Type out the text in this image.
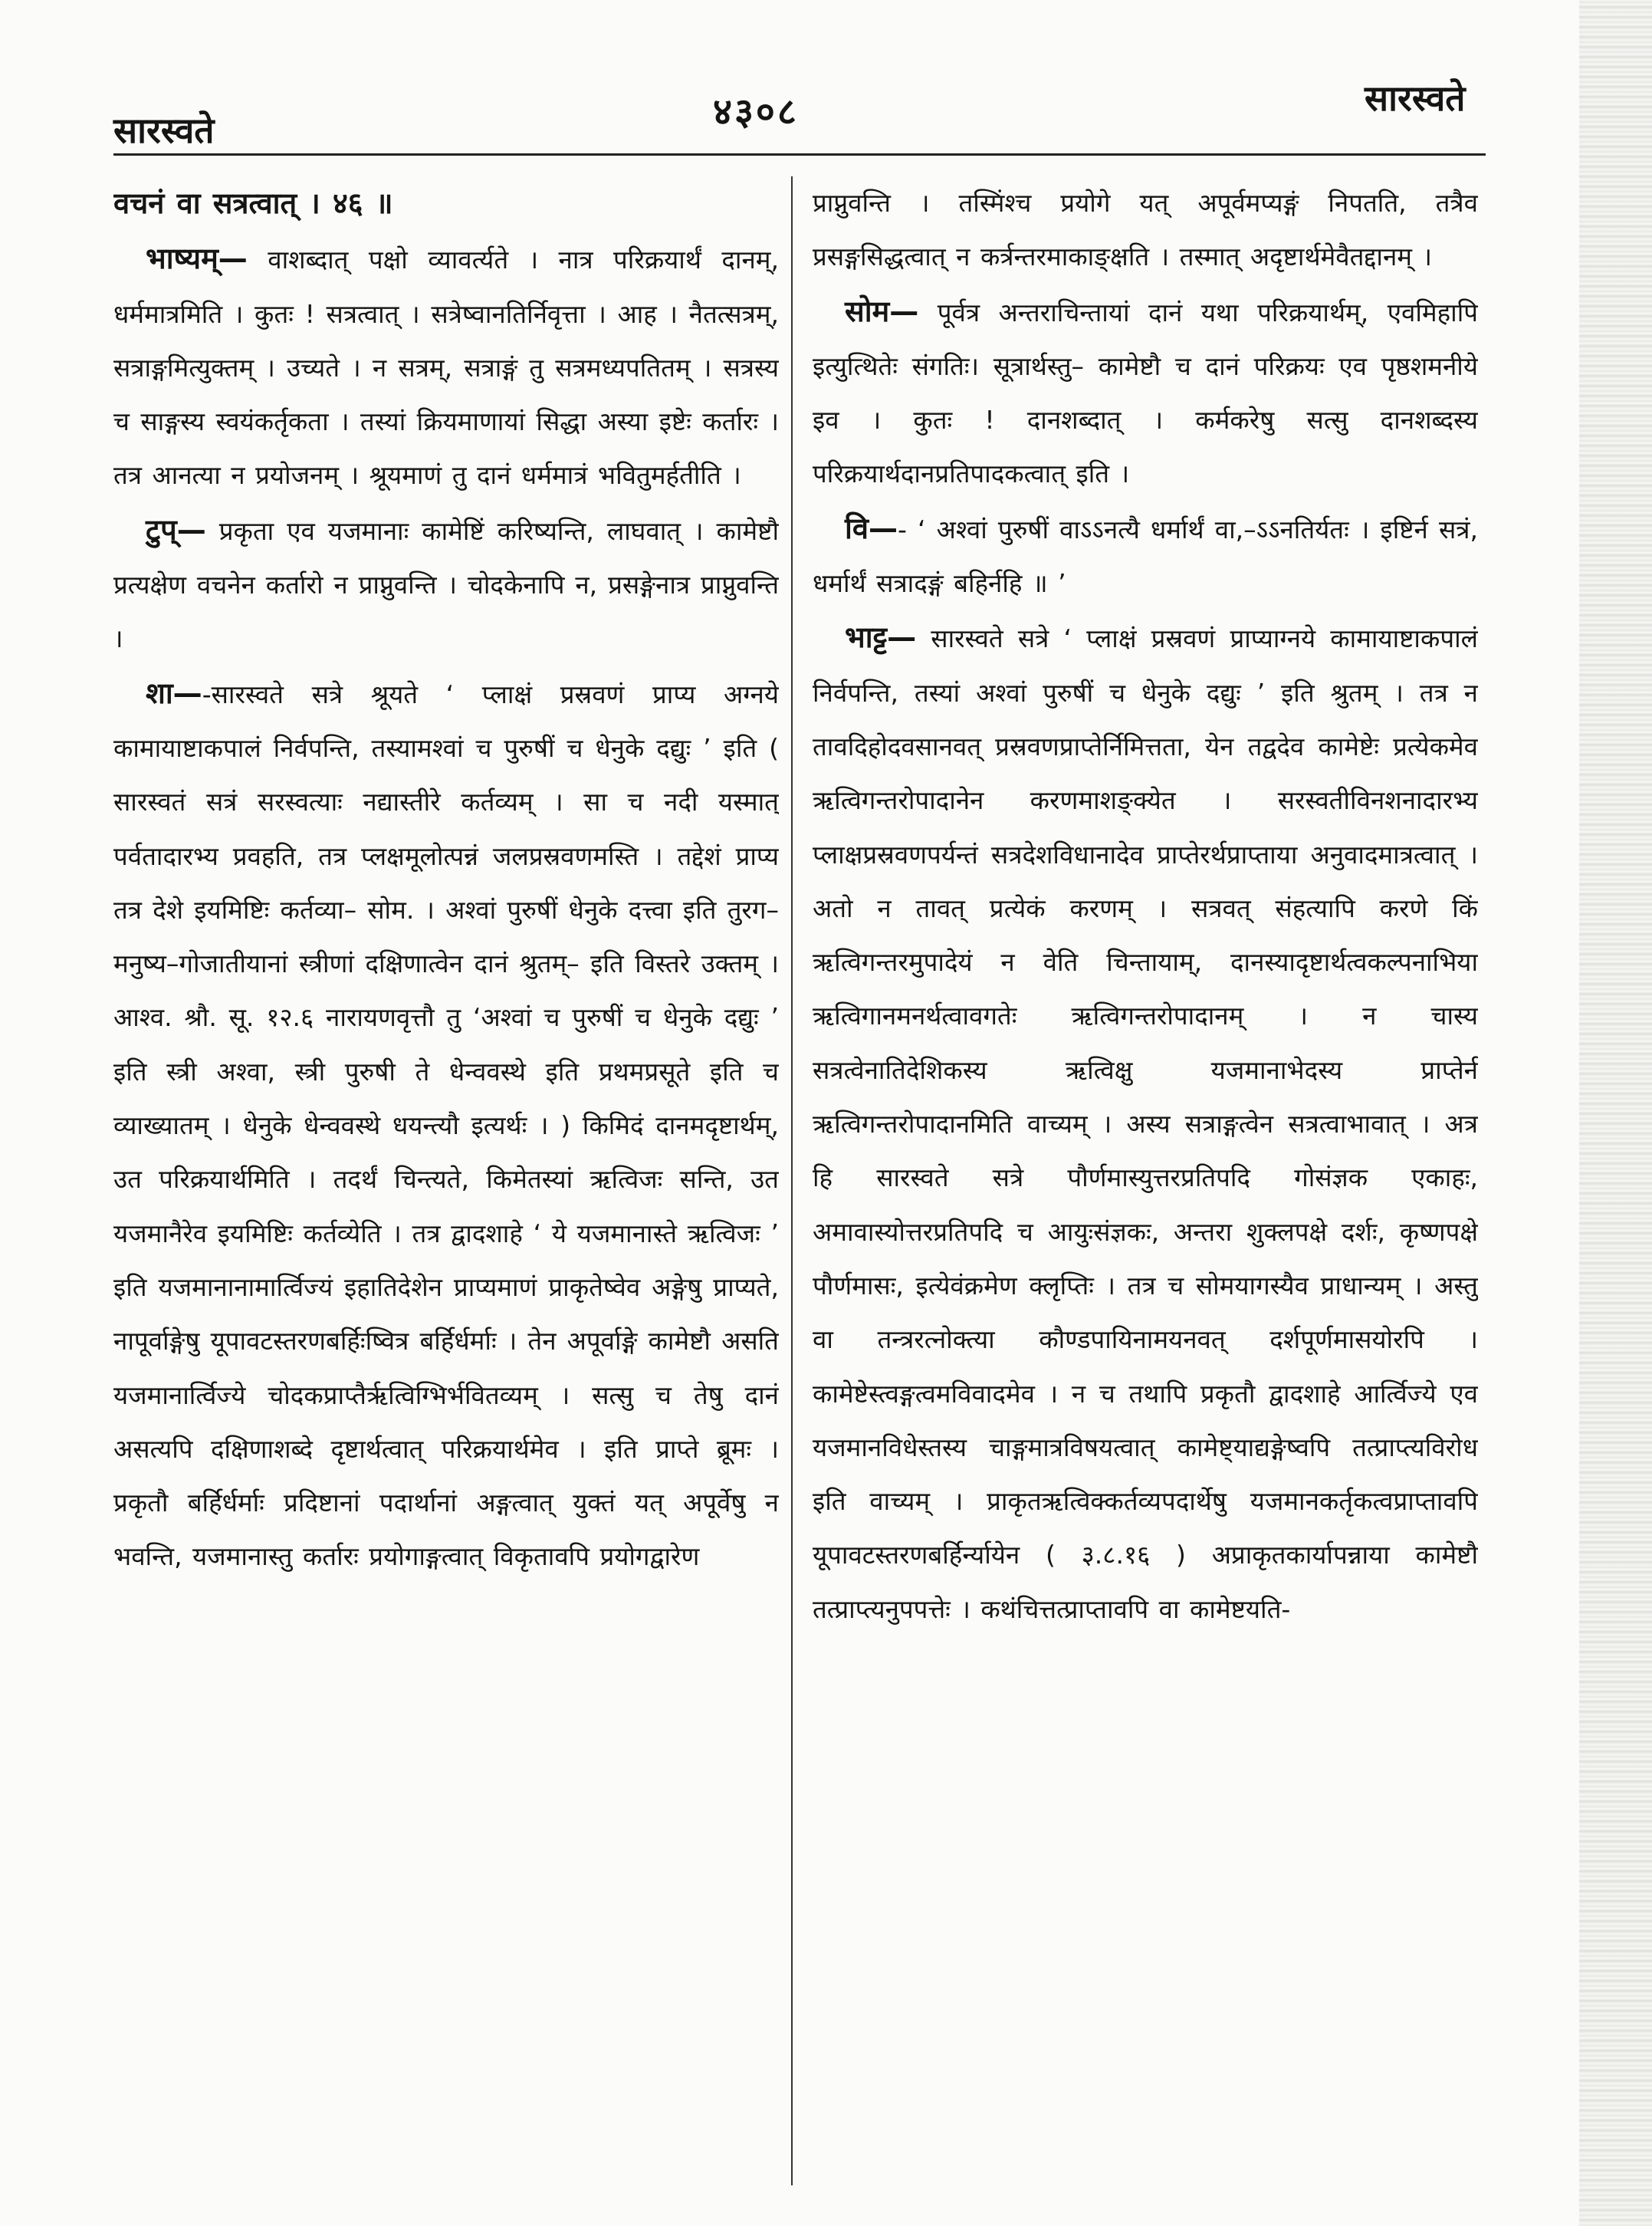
सारस्वते	४३०८	सारस्वते

वचनं वा सत्रत्वात् । ४६ ॥

भाष्यम्— वाशब्दात् पक्षो व्यावर्त्यते । नात्र परिक्रयार्थं दानम्, धर्ममात्रमिति । कुतः ! सत्रत्वात् । सत्रेष्वानतिर्निवृत्ता । आह । नैतत्सत्रम्, सत्राङ्गमित्युक्तम् । उच्यते । न सत्रम्, सत्राङ्गं तु सत्रमध्यपतितम् । सत्रस्य च साङ्गस्य स्वयंकर्तृकता । तस्यां क्रियमाणायां सिद्धा अस्या इष्टेः कर्तारः । तत्र आनत्या न प्रयोजनम् । श्रूयमाणं तु दानं धर्ममात्रं भवितुमर्हतीति ।

टुप्— प्रकृता एव यजमानाः कामेष्टिं करिष्यन्ति, लाघवात् । कामेष्टौ प्रत्यक्षेण वचनेन कर्तारो न प्राप्नुवन्ति । चोदकेनापि न, प्रसङ्गेनात्र प्राप्नुवन्ति ।

शा—-सारस्वते सत्रे श्रूयते ‘ प्लाक्षं प्रस्रवणं प्राप्य अग्नये कामायाष्टाकपालं निर्वपन्ति, तस्यामश्वां च पुरुषीं च धेनुके दद्युः ’ इति ( सारस्वतं सत्रं सरस्वत्याः नद्यास्तीरे कर्तव्यम् । सा च नदी यस्मात् पर्वतादारभ्य प्रवहति, तत्र प्लक्षमूलोत्पन्नं जलप्रस्रवणमस्ति । तद्देशं प्राप्य तत्र देशे इयमिष्टिः कर्तव्या– सोम. । अश्वां पुरुषीं धेनुके दत्त्वा इति तुरग–मनुष्य–गोजातीयानां स्त्रीणां दक्षिणात्वेन दानं श्रुतम्– इति विस्तरे उक्तम् । आश्व. श्रौ. सू. १२.६ नारायणवृत्तौ तु ‘अश्वां च पुरुषीं च धेनुके दद्युः ’ इति स्त्री अश्वा, स्त्री पुरुषी ते धेन्ववस्थे इति प्रथमप्रसूते इति च व्याख्यातम् । धेनुके धेन्ववस्थे धयन्त्यौ इत्यर्थः । ) किमिदं दानमदृष्टार्थम्, उत परिक्रयार्थमिति । तदर्थं चिन्त्यते, किमेतस्यां ऋत्विजः सन्ति, उत यजमानैरेव इयमिष्टिः कर्तव्येति । तत्र द्वादशाहे ‘ ये यजमानास्ते ऋत्विजः ’ इति यजमानानामार्त्विज्यं इहातिदेशेन प्राप्यमाणं प्राकृतेष्वेव अङ्गेषु प्राप्यते, नापूर्वाङ्गेषु यूपावटस्तरणबर्हिःष्वित्र बर्हिर्धर्माः । तेन अपूर्वाङ्गे कामेष्टौ असति यजमानार्त्विज्ये चोदकप्राप्तैर्ऋत्विग्भिर्भवितव्यम् । सत्सु च तेषु दानं असत्यपि दक्षिणाशब्दे दृष्टार्थत्वात् परिक्रयार्थमेव । इति प्राप्ते ब्रूमः । प्रकृतौ बर्हिर्धर्माः प्रदिष्टानां पदार्थानां अङ्गत्वात् युक्तं यत् अपूर्वेषु न भवन्ति, यजमानास्तु कर्तारः प्रयोगाङ्गत्वात् विकृतावपि प्रयोगद्वारेण

प्राप्नुवन्ति । तस्मिंश्च प्रयोगे यत् अपूर्वमप्यङ्गं निपतति, तत्रैव प्रसङ्गसिद्धत्वात् न कर्त्रन्तरमाकाङ्क्षति । तस्मात् अदृष्टार्थमेवैतद्दानम् ।

सोम— पूर्वत्र अन्तराचिन्तायां दानं यथा परिक्रयार्थम्, एवमिहापि इत्युत्थितेः संगतिः। सूत्रार्थस्तु– कामेष्टौ च दानं परिक्रयः एव पृष्ठशमनीये इव । कुतः ! दानशब्दात् । कर्मकरेषु सत्सु दानशब्दस्य परिक्रयार्थदानप्रतिपादकत्वात् इति ।

वि—- ‘ अश्वां पुरुषीं वाऽऽनत्यै धर्मार्थं वा,–ऽऽनतिर्यतः । इष्टिर्न सत्रं, धर्मार्थं सत्रादङ्गं बहिर्नहि ॥ ’

भाट्ट— सारस्वते सत्रे ‘ प्लाक्षं प्रस्रवणं प्राप्याग्नये कामायाष्टाकपालं निर्वपन्ति, तस्यां अश्वां पुरुषीं च धेनुके दद्युः ’ इति श्रुतम् । तत्र न तावदिहोदवसानवत् प्रस्रवणप्राप्तेर्निमित्तता, येन तद्वदेव कामेष्टेः प्रत्येकमेव ऋत्विगन्तरोपादानेन करणमाशङ्क्येत । सरस्वतीविनशनादारभ्य प्लाक्षप्रस्रवणपर्यन्तं सत्रदेशविधानादेव प्राप्तेरर्थप्राप्ताया अनुवादमात्रत्वात् । अतो न तावत् प्रत्येकं करणम् । सत्रवत् संहत्यापि करणे किं ऋत्विगन्तरमुपादेयं न वेति चिन्तायाम्, दानस्यादृष्टार्थत्वकल्पनाभिया ऋत्विगानमनर्थत्वावगतेः ऋत्विगन्तरोपादानम् । न चास्य सत्रत्वेनातिदेशिकस्य ऋत्विक्षु यजमानाभेदस्य प्राप्तेर्न ऋत्विगन्तरोपादानमिति वाच्यम् । अस्य सत्राङ्गत्वेन सत्रत्वाभावात् । अत्र हि सारस्वते सत्रे पौर्णमास्युत्तरप्रतिपदि गोसंज्ञक एकाहः, अमावास्योत्तरप्रतिपदि च आयुःसंज्ञकः, अन्तरा शुक्लपक्षे दर्शः, कृष्णपक्षे पौर्णमासः, इत्येवंक्रमेण क्लृप्तिः । तत्र च सोमयागस्यैव प्राधान्यम् । अस्तु वा तन्त्ररत्नोक्त्या कौण्डपायिनामयनवत् दर्शपूर्णमासयोरपि । कामेष्टेस्त्वङ्गत्वमविवादमेव । न च तथापि प्रकृतौ द्वादशाहे आर्त्विज्ये एव यजमानविधेस्तस्य चाङ्गमात्रविषयत्वात् कामेष्ट्याद्यङ्गेष्वपि तत्प्राप्त्यविरोध इति वाच्यम् । प्राकृतऋत्विक्कर्तव्यपदार्थेषु यजमानकर्तृकत्वप्राप्तावपि यूपावटस्तरणबर्हिर्न्यायेन ( ३.८.१६ ) अप्राकृतकार्यापन्नाया कामेष्टौ तत्प्राप्त्यनुपपत्तेः । कथंचित्तत्प्राप्तावपि वा कामेष्टयति-
